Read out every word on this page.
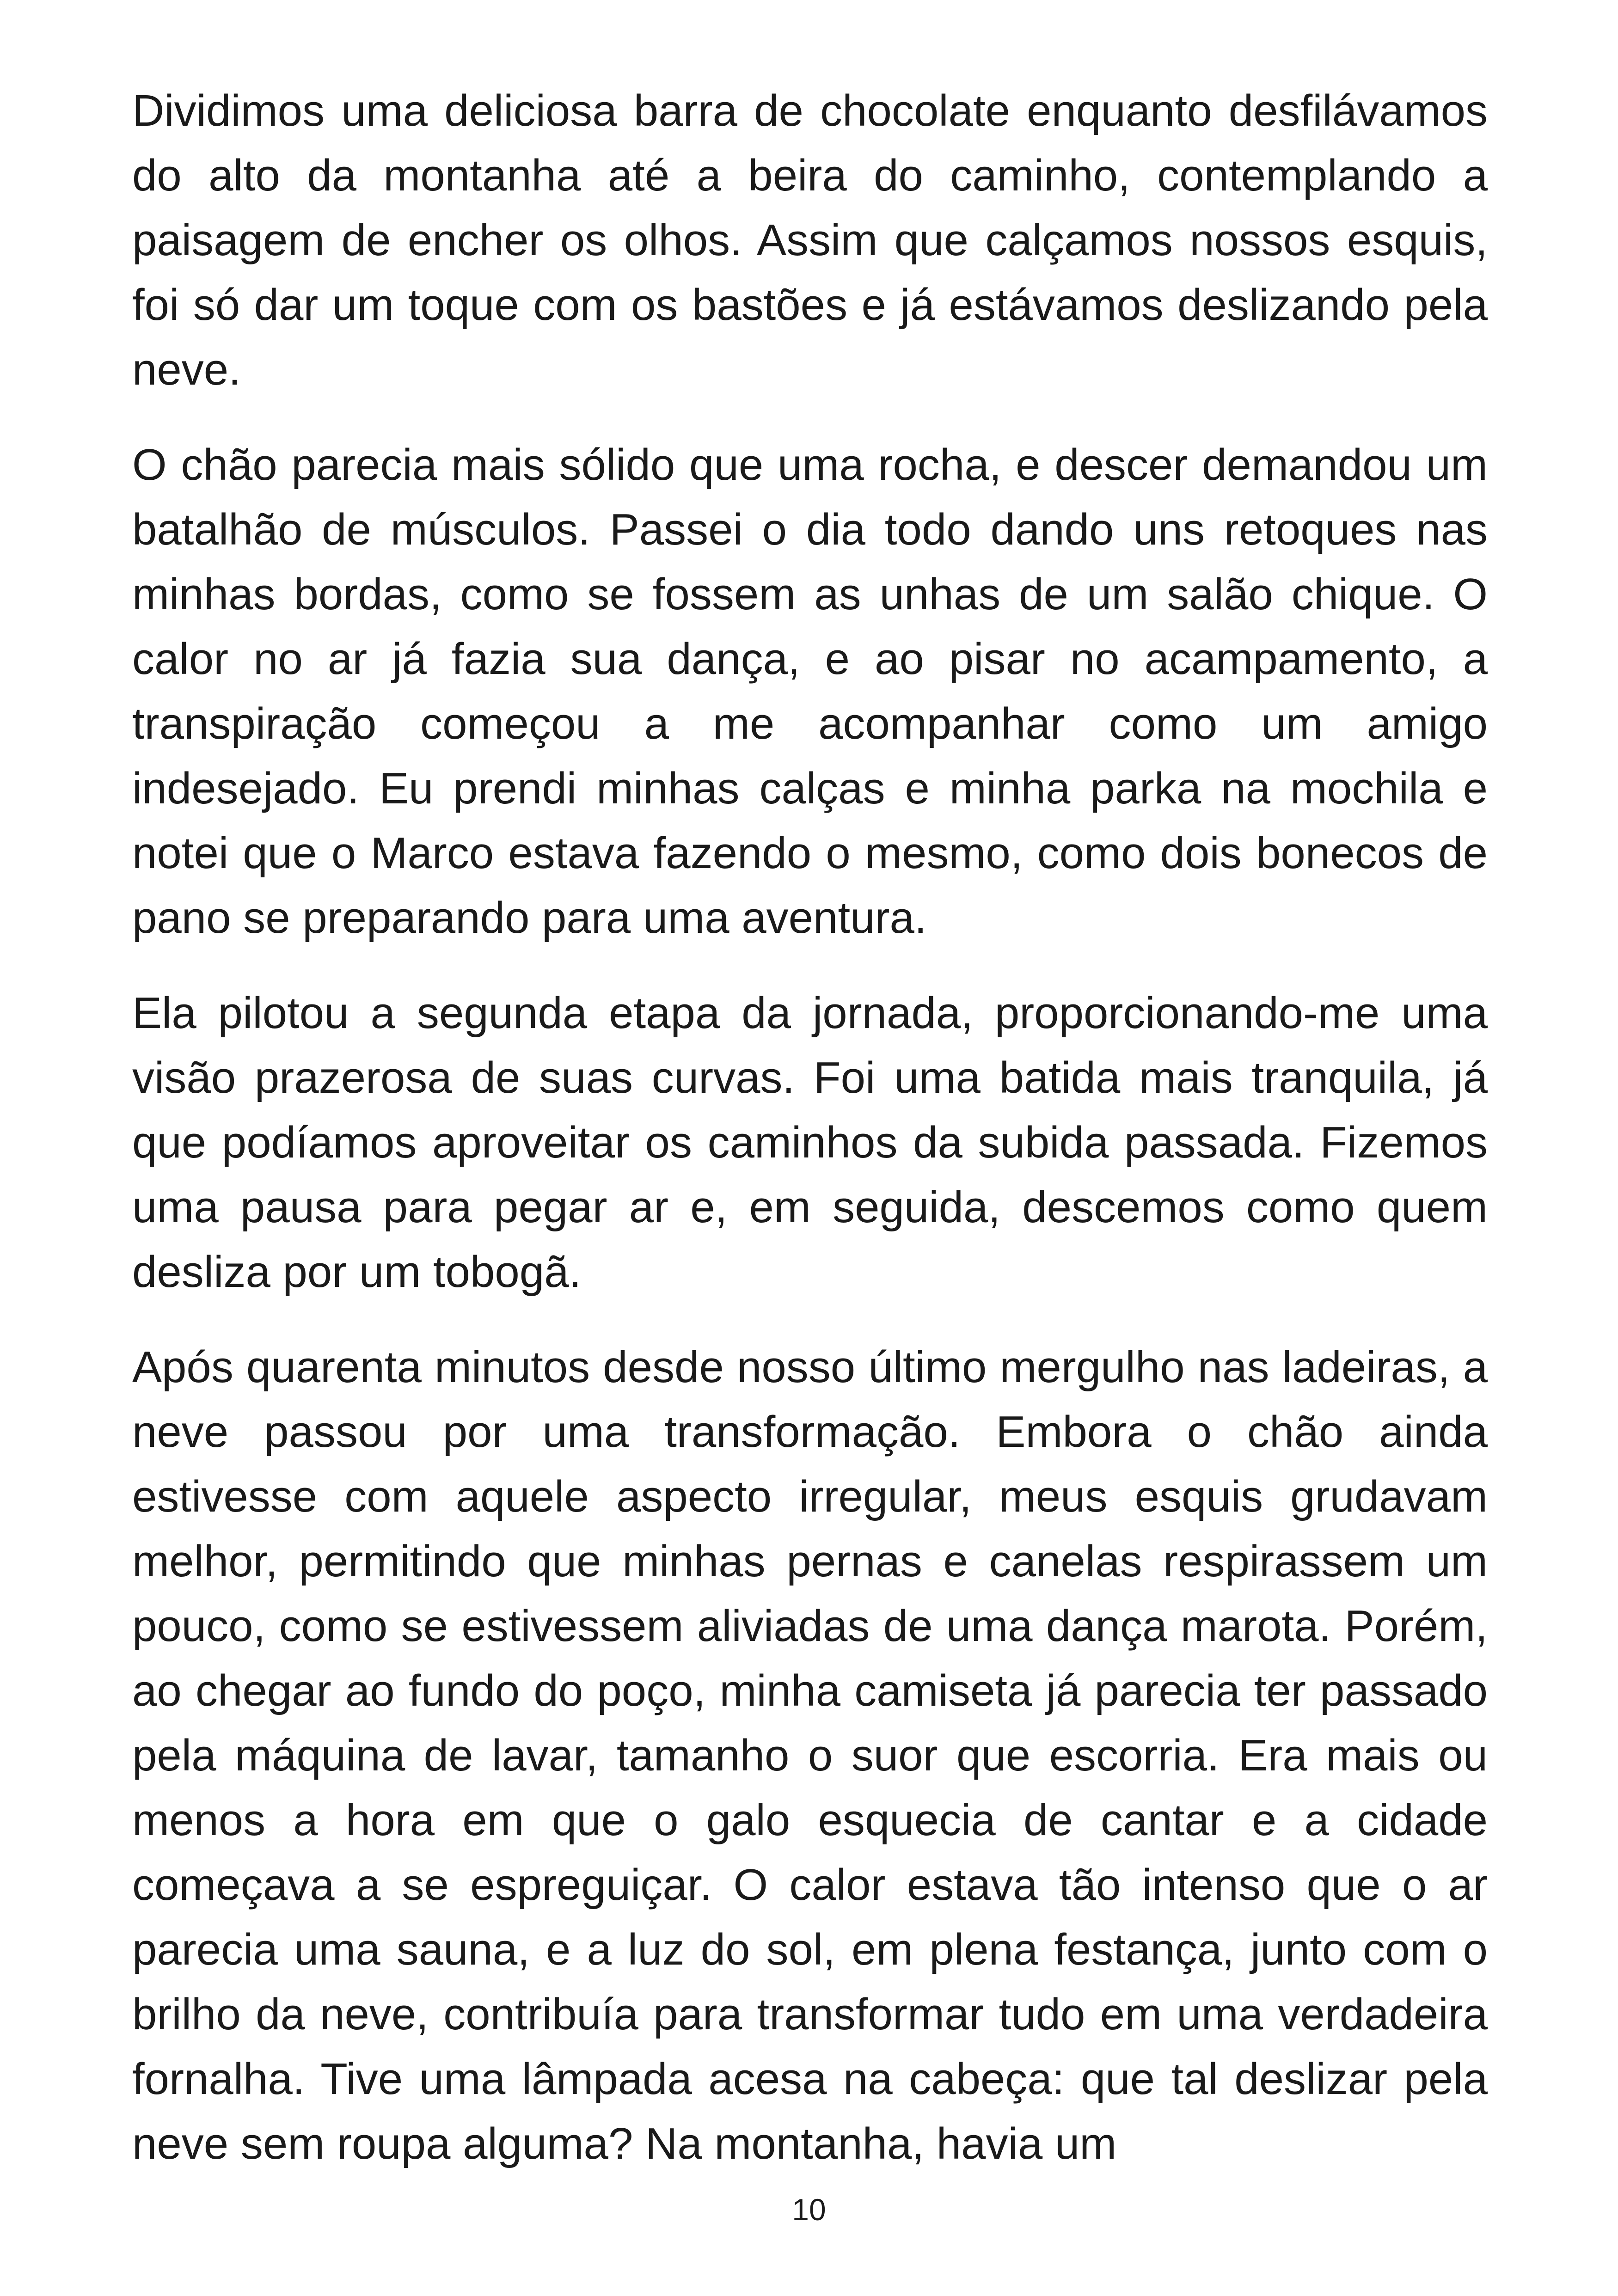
Dividimos uma deliciosa barra de chocolate enquanto desfilávamos do alto da montanha até a beira do caminho, contemplando a paisagem de encher os olhos. Assim que calçamos nossos esquis, foi só dar um toque com os bastões e já estávamos deslizando pela neve.

O chão parecia mais sólido que uma rocha, e descer demandou um batalhão de músculos. Passei o dia todo dando uns retoques nas minhas bordas, como se fossem as unhas de um salão chique. O calor no ar já fazia sua dança, e ao pisar no acampamento, a transpiração começou a me acompanhar como um amigo indesejado. Eu prendi minhas calças e minha parka na mochila e notei que o Marco estava fazendo o mesmo, como dois bonecos de pano se preparando para uma aventura.

Ela pilotou a segunda etapa da jornada, proporcionando-me uma visão prazerosa de suas curvas. Foi uma batida mais tranquila, já que podíamos aproveitar os caminhos da subida passada. Fizemos uma pausa para pegar ar e, em seguida, descemos como quem desliza por um tobogã.

Após quarenta minutos desde nosso último mergulho nas ladeiras, a neve passou por uma transformação. Embora o chão ainda estivesse com aquele aspecto irregular, meus esquis grudavam melhor, permitindo que minhas pernas e canelas respirassem um pouco, como se estivessem aliviadas de uma dança marota. Porém, ao chegar ao fundo do poço, minha camiseta já parecia ter passado pela máquina de lavar, tamanho o suor que escorria. Era mais ou menos a hora em que o galo esquecia de cantar e a cidade começava a se espreguiçar. O calor estava tão intenso que o ar parecia uma sauna, e a luz do sol, em plena festança, junto com o brilho da neve, contribuía para transformar tudo em uma verdadeira fornalha. Tive uma lâmpada acesa na cabeça: que tal deslizar pela neve sem roupa alguma? Na montanha, havia um

10
